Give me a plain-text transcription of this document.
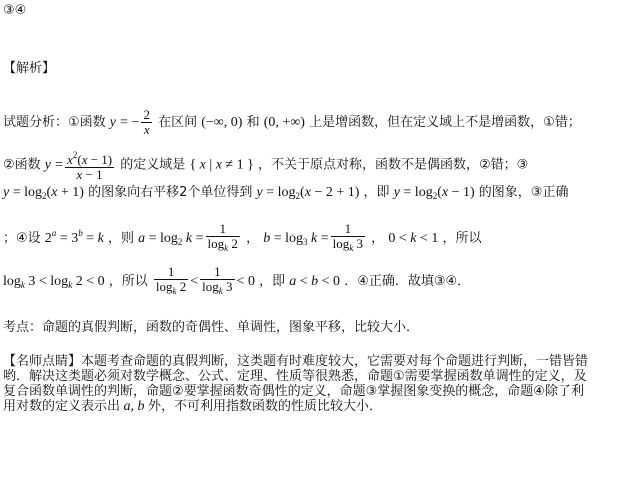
③④
【解析】
试题分析：①函数 y = − $\frac{2}{x}$ 在区间 (−∞, 0) 和 (0, +∞) 上是增函数，但在定义域上不是增函数，①错；
②函数 $y = \frac{x^2(x - 1)}{x - 1}$ 的定义域是 { x | x ≠ 1 } ，不关于原点对称，函数不是偶函数，②错；③
$y = \log_2(x + 1)$ 的图象向右平移2个单位得到 $y = \log_2(x - 2 + 1)$ ，即 $y = \log_2(x - 1)$ 的图象，③正确
；④设 $2^a = 3^b = k$ ，则 $a = \log_2 k = \frac{1}{\log_k 2}$ ， $b = \log_3 k = \frac{1}{\log_k 3}$ ， 0 < k < 1 ，所以
$\log_k 3 < \log_k 2 < 0$ ，所以 $\frac{1}{\log_k 2} < \frac{1}{\log_k 3} < 0$ ，即 a < b < 0 ．④正确．故填③④．
考点：命题的真假判断，函数的奇偶性、单调性，图象平移，比较大小．
【名师点睛】本题考查命题的真假判断，这类题有时难度较大，它需要对每个命题进行判断，一错皆错
哟．解决这类题必须对数学概念、公式、定理、性质等很熟悉，命题①需要掌握函数单调性的定义，及
复合函数单调性的判断，命题②要掌握函数奇偶性的定义，命题③掌握图象变换的概念，命题④除了利
用对数的定义表示出 a, b 外，不可利用指数函数的性质比较大小．
